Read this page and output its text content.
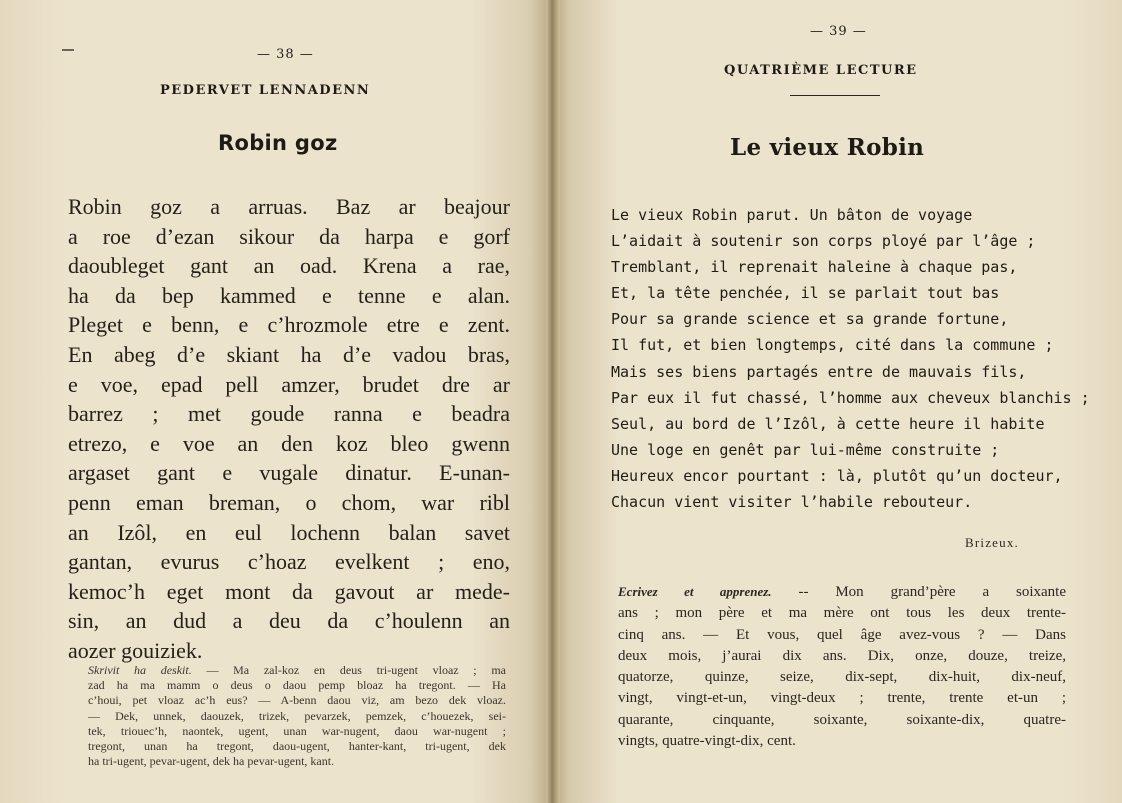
— 38 —
PEDERVET LENNADENN
Robin goz
Robin goz a arruas. Baz ar beajour
a roe d’ezan sikour da harpa e gorf
daoubleget gant an oad. Krena a rae,
ha da bep kammed e tenne e alan.
Pleget e benn, e c’hrozmole etre e zent.
En abeg d’e skiant ha d’e vadou bras,
e voe, epad pell amzer, brudet dre ar
barrez ; met goude ranna e beadra
etrezo, e voe an den koz bleo gwenn
argaset gant e vugale dinatur. E-unan-
penn eman breman, o chom, war ribl
an Izôl, en eul lochenn balan savet
gantan, evurus c’hoaz evelkent ; eno,
kemoc’h eget mont da gavout ar mede-
sin, an dud a deu da c’houlenn an
aozer gouiziek.
Skrivit ha deskit. — Ma zal-koz en deus tri-ugent vloaz ; ma
zad ha ma mamm o deus o daou pemp bloaz ha tregont. — Ha
c’houi, pet vloaz ac’h eus? — A-benn daou viz, am bezo dek vloaz.
— Dek, unnek, daouzek, trizek, pevarzek, pemzek, c’houezek, sei-
tek, triouec’h, naontek, ugent, unan war-nugent, daou war-nugent ;
tregont, unan ha tregont, daou-ugent, hanter-kant, tri-ugent, dek
ha tri-ugent, pevar-ugent, dek ha pevar-ugent, kant.
— 39 —
QUATRIÈME LECTURE
Le vieux Robin
Le vieux Robin parut. Un bâton de voyage
L’aidait à soutenir son corps ployé par l’âge ;
Tremblant, il reprenait haleine à chaque pas,
Et, la tête penchée, il se parlait tout bas
Pour sa grande science et sa grande fortune,
Il fut, et bien longtemps, cité dans la commune ;
Mais ses biens partagés entre de mauvais fils,
Par eux il fut chassé, l’homme aux cheveux blanchis ;
Seul, au bord de l’Izôl, à cette heure il habite
Une loge en genêt par lui-même construite ;
Heureux encor pourtant : là, plutôt qu’un docteur,
Chacun vient visiter l’habile rebouteur.
Brizeux.
Ecrivez et apprenez. -- Mon grand’père a soixante
ans ; mon père et ma mère ont tous les deux trente-
cinq ans. — Et vous, quel âge avez-vous ? — Dans
deux mois, j’aurai dix ans. Dix, onze, douze, treize,
quatorze, quinze, seize, dix-sept, dix-huit, dix-neuf,
vingt, vingt-et-un, vingt-deux ; trente, trente et-un ;
quarante, cinquante, soixante, soixante-dix, quatre-
vingts, quatre-vingt-dix, cent.
